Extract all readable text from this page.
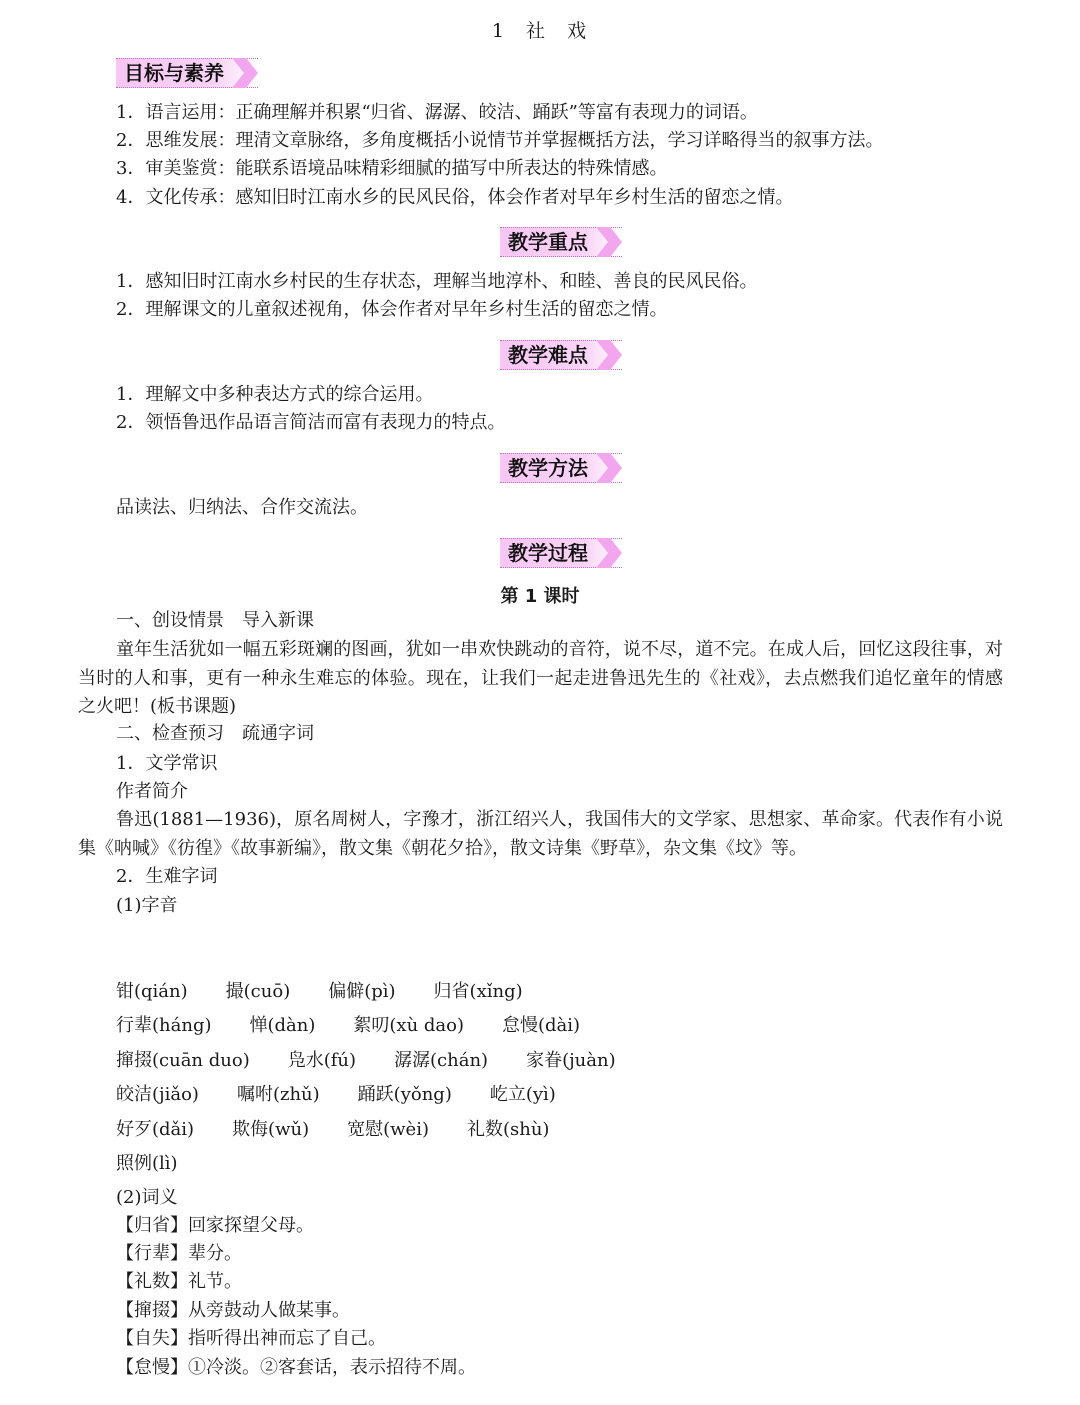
1 社 戏
目标与素养
1．语言运用：正确理解并积累“归省、潺潺、皎洁、踊跃”等富有表现力的词语。
2．思维发展：理清文章脉络，多角度概括小说情节并掌握概括方法，学习详略得当的叙事方法。
3．审美鉴赏：能联系语境品味精彩细腻的描写中所表达的特殊情感。
4．文化传承：感知旧时江南水乡的民风民俗，体会作者对早年乡村生活的留恋之情。
教学重点
1．感知旧时江南水乡村民的生存状态，理解当地淳朴、和睦、善良的民风民俗。
2．理解课文的儿童叙述视角，体会作者对早年乡村生活的留恋之情。
教学难点
1．理解文中多种表达方式的综合运用。
2．领悟鲁迅作品语言简洁而富有表现力的特点。
教学方法
品读法、归纳法、合作交流法。
教学过程
第 1 课时
一、创设情景　导入新课
童年生活犹如一幅五彩斑斓的图画，犹如一串欢快跳动的音符，说不尽，道不完。在成人后，回忆这段往事，对当时的人和事，更有一种永生难忘的体验。现在，让我们一起走进鲁迅先生的《社戏》，去点燃我们追忆童年的情感之火吧！(板书课题)
二、检查预习　疏通字词
1．文学常识
作者简介
鲁迅(1881—1936)，原名周树人，字豫才，浙江绍兴人，我国伟大的文学家、思想家、革命家。代表作有小说集《呐喊》《彷徨》《故事新编》，散文集《朝花夕拾》，散文诗集《野草》，杂文集《坟》等。
2．生难字词
(1)字音
钳(qián) 撮(cuō) 偏僻(pì) 归省(xǐng)
行辈(háng) 惮(dàn) 絮叨(xù dao) 怠慢(dài)
撺掇(cuān duo) 凫水(fú) 潺潺(chán) 家眷(juàn)
皎洁(jiǎo) 嘱咐(zhǔ) 踊跃(yǒng) 屹立(yì)
好歹(dǎi) 欺侮(wǔ) 宽慰(wèi) 礼数(shù)
照例(lì)
(2)词义
【归省】回家探望父母。
【行辈】辈分。
【礼数】礼节。
【撺掇】从旁鼓动人做某事。
【自失】指听得出神而忘了自己。
【怠慢】①冷淡。②客套话，表示招待不周。
